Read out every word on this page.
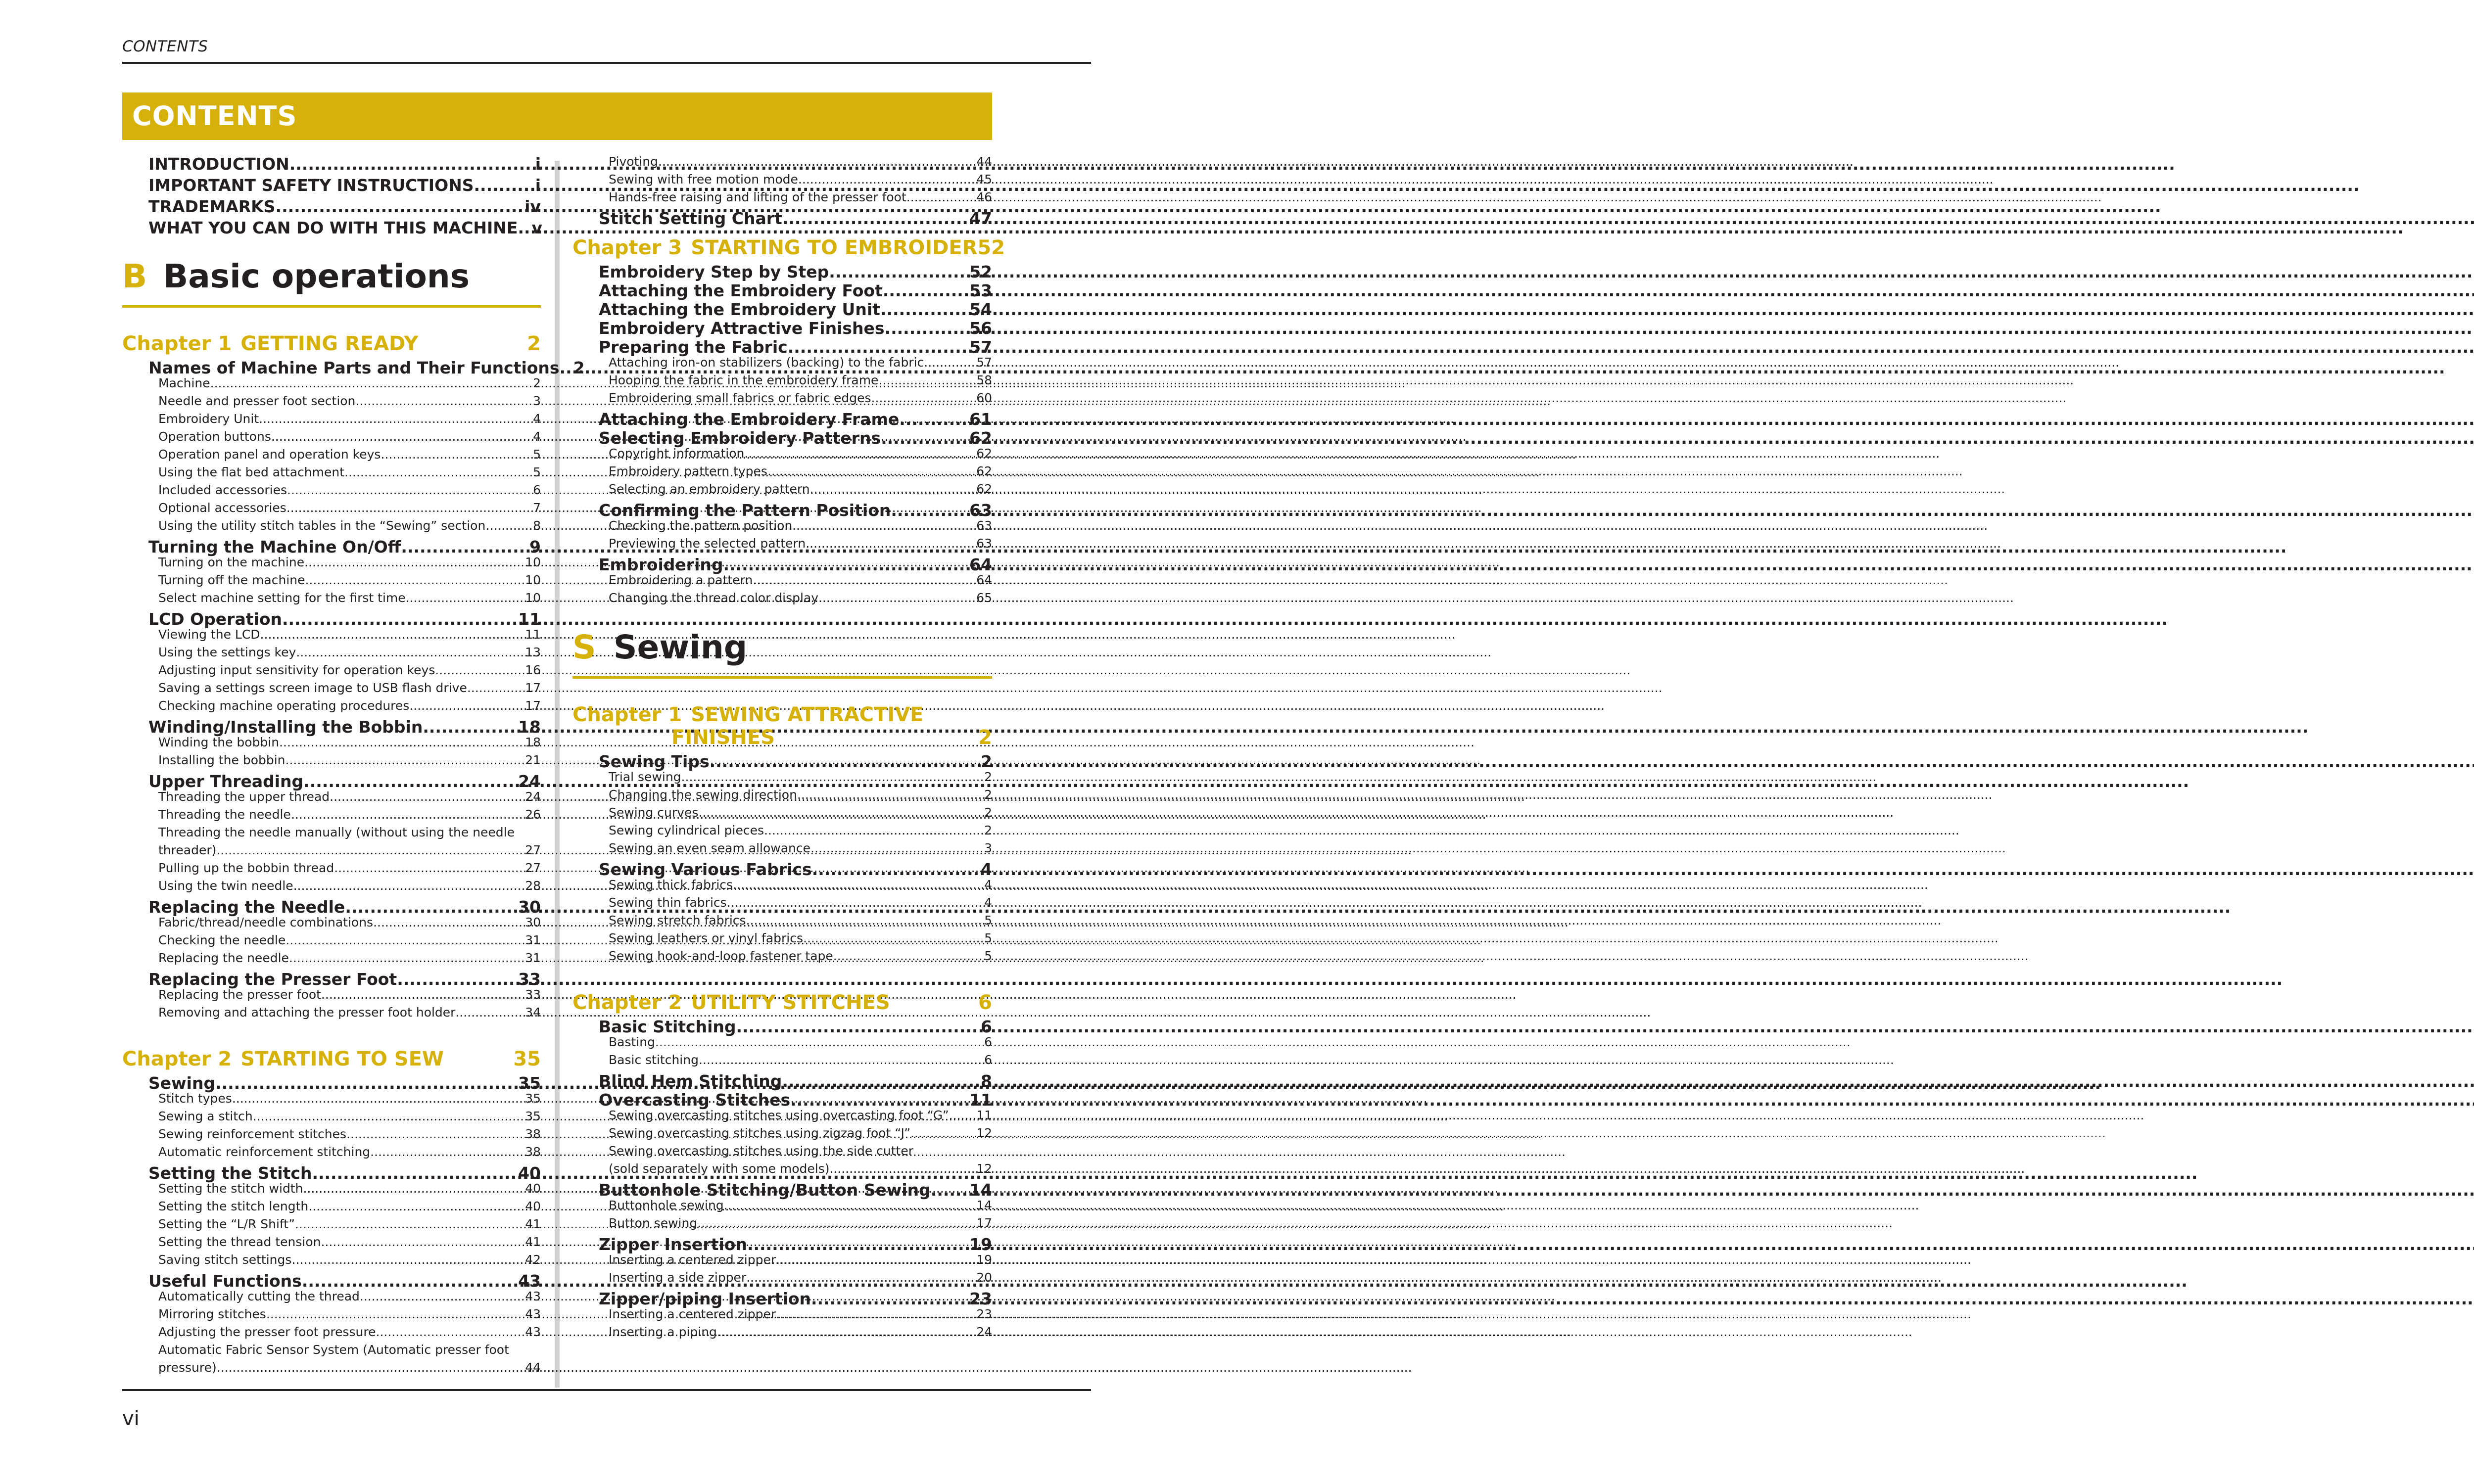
CONTENTS
CONTENTS
INTRODUCTION .....	i
IMPORTANT SAFETY INSTRUCTIONS .....	i
TRADEMARKS .....	iv
WHAT YOU CAN DO WITH THIS MACHINE ..... v
B Basic operations
Chapter 1 GETTING READY	2
Names of Machine Parts and Their Functions ..... 2
Machine .....	2
Needle and presser foot section .....	3
Embroidery Unit .....	4
Operation buttons .....	4
Operation panel and operation keys .....	5
Using the flat bed attachment .....	5
Included accessories .....	6
Optional accessories .....	7
Using the utility stitch tables in the “Sewing” section .....	8
Turning the Machine On/Off .....	9
Turning on the machine .....	10
Turning off the machine .....	10
Select machine setting for the first time .....	10
LCD Operation .....	11
Viewing the LCD .....	11
Using the settings key .....	13
Adjusting input sensitivity for operation keys .....	16
Saving a settings screen image to USB flash drive .....	17
Checking machine operating procedures .....	17
Winding/Installing the Bobbin .....	18
Winding the bobbin .....	18
Installing the bobbin .....	21
Upper Threading .....	24
Threading the upper thread .....	24
Threading the needle .....	26
Threading the needle manually (without using the needle
threader) .....	27
Pulling up the bobbin thread .....	27
Using the twin needle .....	28
Replacing the Needle .....	30
Fabric/thread/needle combinations .....	30
Checking the needle .....	31
Replacing the needle .....	31
Replacing the Presser Foot .....	33
Replacing the presser foot .....	33
Removing and attaching the presser foot holder .....	34
Chapter 2 STARTING TO SEW	35
Sewing .....	35
Stitch types .....	35
Sewing a stitch .....	35
Sewing reinforcement stitches .....	38
Automatic reinforcement stitching .....	38
Setting the Stitch .....	40
Setting the stitch width .....	40
Setting the stitch length .....	40
Setting the “L/R Shift” .....	41
Setting the thread tension .....	41
Saving stitch settings .....	42
Useful Functions .....	43
Automatically cutting the thread .....	43
Mirroring stitches .....	43
Adjusting the presser foot pressure .....	43
Automatic Fabric Sensor System (Automatic presser foot
pressure) .....	44
Pivoting .....	44
Sewing with free motion mode .....	45
Hands-free raising and lifting of the presser foot .....	46
Stitch Setting Chart .....	47
Chapter 3 STARTING TO EMBROIDER 52
Embroidery Step by Step .....	52
Attaching the Embroidery Foot .....	53
Attaching the Embroidery Unit .....	54
Embroidery Attractive Finishes .....	56
Preparing the Fabric .....	57
Attaching iron-on stabilizers (backing) to the fabric .....	57
Hooping the fabric in the embroidery frame .....	58
Embroidering small fabrics or fabric edges .....	60
Attaching the Embroidery Frame .....	61
Selecting Embroidery Patterns .....	62
Copyright information .....	62
Embroidery pattern types .....	62
Selecting an embroidery pattern .....	62
Confirming the Pattern Position .....	63
Checking the pattern position .....	63
Previewing the selected pattern .....	63
Embroidering .....	64
Embroidering a pattern .....	64
Changing the thread color display .....	65
S Sewing
Chapter 1 SEWING ATTRACTIVE
FINISHES	2
Sewing Tips .....	2
Trial sewing .....	2
Changing the sewing direction .....	2
Sewing curves .....	2
Sewing cylindrical pieces .....	2
Sewing an even seam allowance .....	3
Sewing Various Fabrics .....	4
Sewing thick fabrics .....	4
Sewing thin fabrics .....	4
Sewing stretch fabrics .....	5
Sewing leathers or vinyl fabrics .....	5
Sewing hook-and-loop fastener tape .....	5
Chapter 2 UTILITY STITCHES	6
Basic Stitching .....	6
Basting .....	6
Basic stitching .....	6
Blind Hem Stitching .....	8
Overcasting Stitches .....	11
Sewing overcasting stitches using overcasting foot “G” .....	11
Sewing overcasting stitches using zigzag foot “J” .....	12
Sewing overcasting stitches using the side cutter
(sold separately with some models) .....	12
Buttonhole Stitching/Button Sewing ..... 14
Buttonhole sewing .....	14
Button sewing .....	17
Zipper Insertion .....	19
Inserting a centered zipper .....	19
Inserting a side zipper .....	20
Zipper/piping Insertion .....	23
Inserting a centered zipper .....	23
Inserting a piping .....	24
vi
